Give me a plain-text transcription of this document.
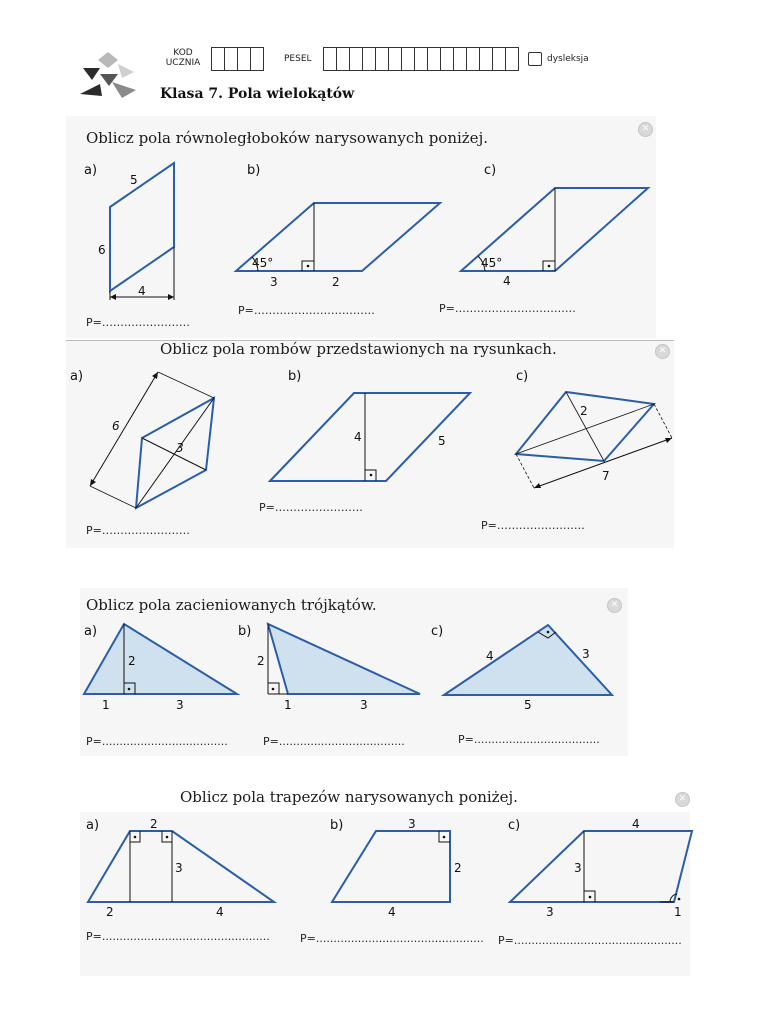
KOD
UCZNIA	PESEL	dysleksja
Klasa 7. Pola wielokątów
Oblicz pola równoległoboków narysowanych poniżej.	✕
a)	b)	c)
5
6
4
P=……………………
45°
3	2
P=……………………………
45°
4
P=……………………………
Oblicz pola rombów przedstawionych na rysunkach.	✕
a)	b)	c)
6
3
P=……………………
4	5
P=……………………
2
7
P=……………………
Oblicz pola zacieniowanych trójkątów.	✕
a)	b)	c)
2
1	3
P=....................................
2
1	3
P=....................................
4	3
5
P=....................................
Oblicz pola trapezów narysowanych poniżej.	✕
a)	b)	c)
2
3
2	4
P=................................................
3
2
4
P=................................................
4
3
3	1
P=................................................
